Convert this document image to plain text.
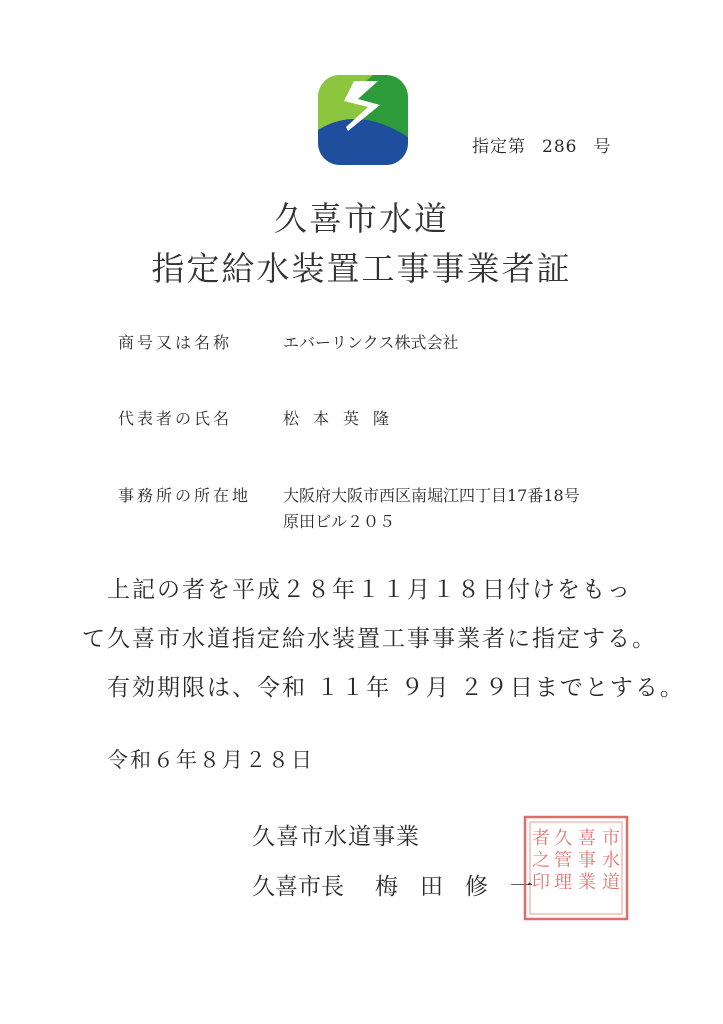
指定第 286 号
久喜市水道
指定給水装置工事事業者証
商号又は名称	エバーリンクス株式会社
代表者の氏名	松 本 英 隆
事務所の所在地 大阪府大阪市西区南堀江四丁目17番18号
原田ビル２０５
上記の者を平成２８年１１月１８日付けをもっ
て久喜市水道指定給水装置工事事業者に指定する。
有効期限は、令和 １１年 ９月 ２９日までとする。
令和６年８月２８日
久喜市水道事業
久喜市長 梅 田 修 一
市
水
道
喜
事
業
久
管
理
者
之
印
